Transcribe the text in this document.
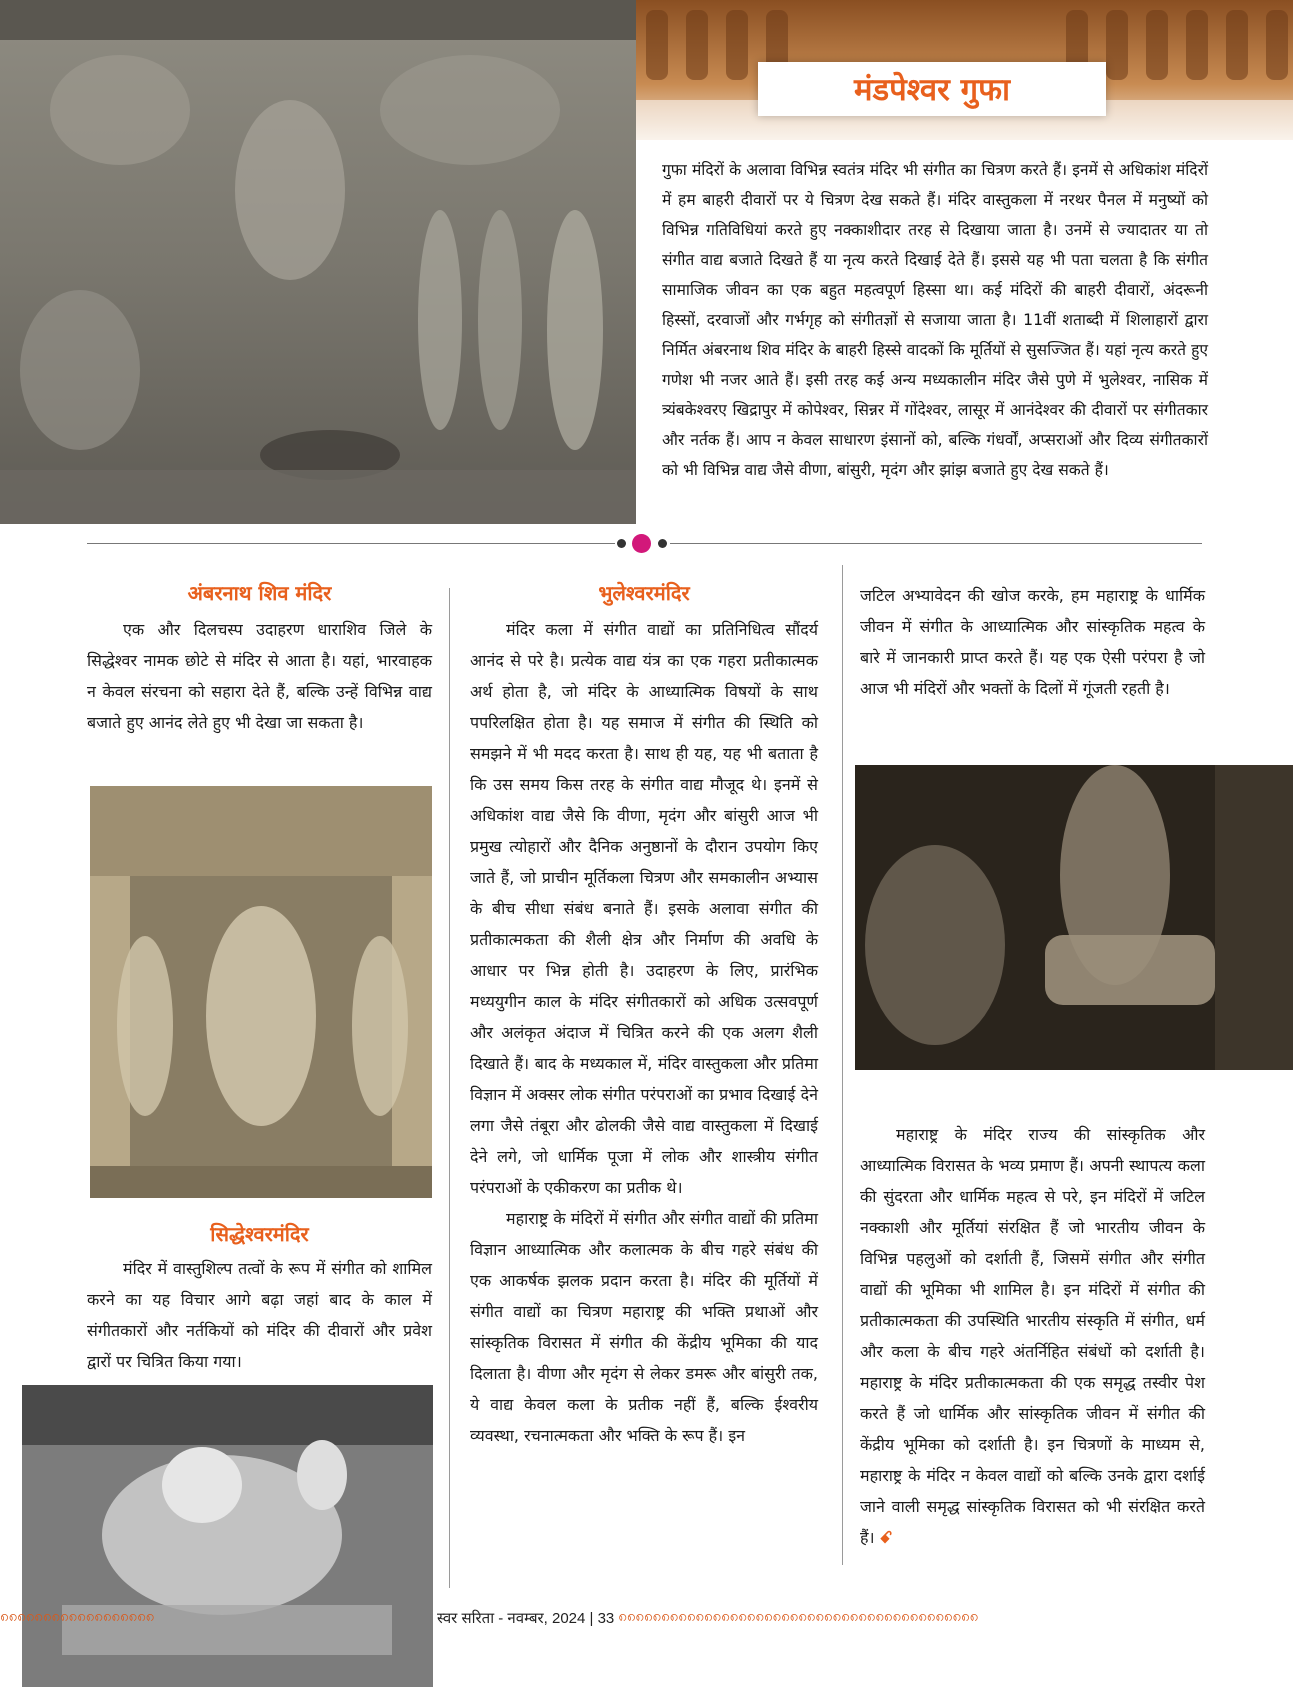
मंडपेश्वर गुफा
गुफा मंदिरों के अलावा विभिन्न स्वतंत्र मंदिर भी संगीत का चित्रण करते हैं। इनमें से अधिकांश मंदिरों में हम बाहरी दीवारों पर ये चित्रण देख सकते हैं। मंदिर वास्तुकला में नरथर पैनल में मनुष्यों को विभिन्न गतिविधियां करते हुए नक्काशीदार तरह से दिखाया जाता है। उनमें से ज्यादातर या तो संगीत वाद्य बजाते दिखते हैं या नृत्य करते दिखाई देते हैं। इससे यह भी पता चलता है कि संगीत सामाजिक जीवन का एक बहुत महत्वपूर्ण हिस्सा था। कई मंदिरों की बाहरी दीवारों, अंदरूनी हिस्सों, दरवाजों और गर्भगृह को संगीतज्ञों से सजाया जाता है। 11वीं शताब्दी में शिलाहारों द्वारा निर्मित अंबरनाथ शिव मंदिर के बाहरी हिस्से वादकों कि मूर्तियों से सुसज्जित हैं। यहां नृत्य करते हुए गणेश भी नजर आते हैं। इसी तरह कई अन्य मध्यकालीन मंदिर जैसे पुणे में भुलेश्वर, नासिक में त्र्यंबकेश्वरए खिद्रापुर में कोपेश्वर, सिन्नर में गोंदेश्वर, लासूर में आनंदेश्वर की दीवारों पर संगीतकार और नर्तक हैं। आप न केवल साधारण इंसानों को, बल्कि गंधर्वों, अप्सराओं और दिव्य संगीतकारों को भी विभिन्न वाद्य जैसे वीणा, बांसुरी, मृदंग और झांझ बजाते हुए देख सकते हैं।
अंबरनाथ शिव मंदिर

एक और दिलचस्प उदाहरण धाराशिव जिले के सिद्धेश्वर नामक छोटे से मंदिर से आता है। यहां, भारवाहक न केवल संरचना को सहारा देते हैं, बल्कि उन्हें विभिन्न वाद्य बजाते हुए आनंद लेते हुए भी देखा जा सकता है।

सिद्धेश्वरमंदिर

मंदिर में वास्तुशिल्प तत्वों के रूप में संगीत को शामिल करने का यह विचार आगे बढ़ा जहां बाद के काल में संगीतकारों और नर्तकियों को मंदिर की दीवारों और प्रवेश द्वारों पर चित्रित किया गया।

भुलेश्वरमंदिर

मंदिर कला में संगीत वाद्यों का प्रतिनिधित्व सौंदर्य आनंद से परे है। प्रत्येक वाद्य यंत्र का एक गहरा प्रतीकात्मक अर्थ होता है, जो मंदिर के आध्यात्मिक विषयों के साथ पपरिलक्षित होता है। यह समाज में संगीत की स्थिति को समझने में भी मदद करता है। साथ ही यह, यह भी बताता है कि उस समय किस तरह के संगीत वाद्य मौजूद थे। इनमें से अधिकांश वाद्य जैसे कि वीणा, मृदंग और बांसुरी आज भी प्रमुख त्योहारों और दैनिक अनुष्ठानों के दौरान उपयोग किए जाते हैं, जो प्राचीन मूर्तिकला चित्रण और समकालीन अभ्यास के बीच सीधा संबंध बनाते हैं। इसके अलावा संगीत की प्रतीकात्मकता की शैली क्षेत्र और निर्माण की अवधि के आधार पर भिन्न होती है। उदाहरण के लिए, प्रारंभिक मध्ययुगीन काल के मंदिर संगीतकारों को अधिक उत्सवपूर्ण और अलंकृत अंदाज में चित्रित करने की एक अलग शैली दिखाते हैं। बाद के मध्यकाल में, मंदिर वास्तुकला और प्रतिमा विज्ञान में अक्सर लोक संगीत परंपराओं का प्रभाव दिखाई देने लगा जैसे तंबूरा और ढोलकी जैसे वाद्य वास्तुकला में दिखाई देने लगे, जो धार्मिक पूजा में लोक और शास्त्रीय संगीत परंपराओं के एकीकरण का प्रतीक थे।

महाराष्ट्र के मंदिरों में संगीत और संगीत वाद्यों की प्रतिमा विज्ञान आध्यात्मिक और कलात्मक के बीच गहरे संबंध की एक आकर्षक झलक प्रदान करता है। मंदिर की मूर्तियों में संगीत वाद्यों का चित्रण महाराष्ट्र की भक्ति प्रथाओं और सांस्कृतिक विरासत में संगीत की केंद्रीय भूमिका की याद दिलाता है। वीणा और मृदंग से लेकर डमरू और बांसुरी तक, ये वाद्य केवल कला के प्रतीक नहीं हैं, बल्कि ईश्वरीय व्यवस्था, रचनात्मकता और भक्ति के रूप हैं। इन

जटिल अभ्यावेदन की खोज करके, हम महाराष्ट्र के धार्मिक जीवन में संगीत के आध्यात्मिक और सांस्कृतिक महत्व के बारे में जानकारी प्राप्त करते हैं। यह एक ऐसी परंपरा है जो आज भी मंदिरों और भक्तों के दिलों में गूंजती रहती है।

महाराष्ट्र के मंदिर राज्य की सांस्कृतिक और आध्यात्मिक विरासत के भव्य प्रमाण हैं। अपनी स्थापत्य कला की सुंदरता और धार्मिक महत्व से परे, इन मंदिरों में जटिल नक्काशी और मूर्तियां संरक्षित हैं जो भारतीय जीवन के विभिन्न पहलुओं को दर्शाती हैं, जिसमें संगीत और संगीत वाद्यों की भूमिका भी शामिल है। इन मंदिरों में संगीत की प्रतीकात्मकता की उपस्थिति भारतीय संस्कृति में संगीत, धर्म और कला के बीच गहरे अंतर्निहित संबंधों को दर्शाती है। महाराष्ट्र के मंदिर प्रतीकात्मकता की एक समृद्ध तस्वीर पेश करते हैं जो धार्मिक और सांस्कृतिक जीवन में संगीत की केंद्रीय भूमिका को दर्शाती है। इन चित्रणों के माध्यम से, महाराष्ट्र के मंदिर न केवल वाद्यों को बल्कि उनके द्वारा दर्शाई जाने वाली समृद्ध सांस्कृतिक विरासत को भी संरक्षित करते हैं। ꗃ

၈၈၈၈၈၈၈၈၈၈၈၈၈၈၈၈၈၈	स्वर सरिता - नवम्बर, 2024 | 33 ၈၈၈၈၈၈၈၈၈၈၈၈၈၈၈၈၈၈၈၈၈၈၈၈၈၈၈၈၈၈၈၈၈၈၈၈၈၈၈၈၈၈
